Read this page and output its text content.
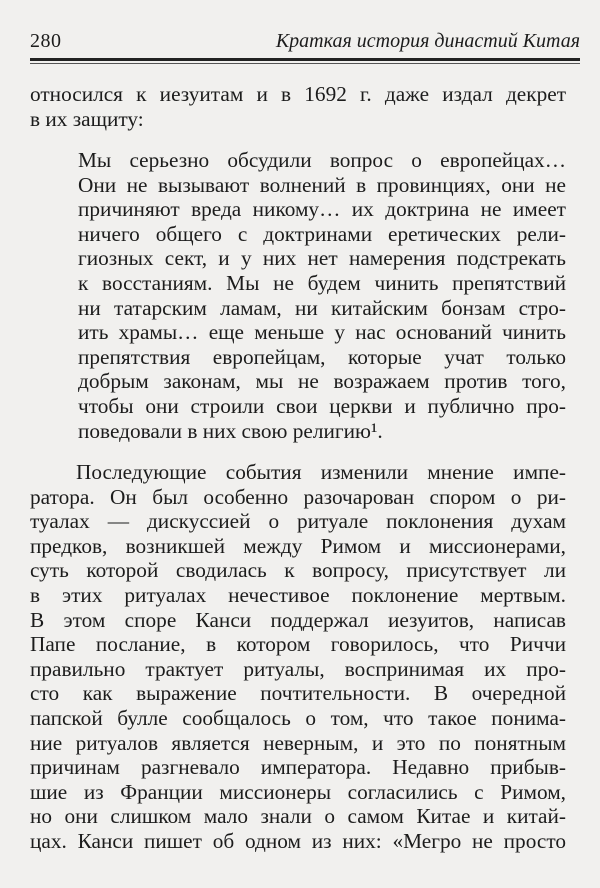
280	Краткая история династий Китая
относился к иезуитам и в 1692 г. даже издал декрет
в их защиту:
Мы серьезно обсудили вопрос о европейцах…
Они не вызывают волнений в провинциях, они не
причиняют вреда никому… их доктрина не имеет
ничего общего с доктринами еретических рели-
гиозных сект, и у них нет намерения подстрекать
к восстаниям. Мы не будем чинить препятствий
ни татарским ламам, ни китайским бонзам стро-
ить храмы… еще меньше у нас оснований чинить
препятствия европейцам, которые учат только
добрым законам, мы не возражаем против того,
чтобы они строили свои церкви и публично про-
поведовали в них свою религию¹.
Последующие события изменили мнение импе-
ратора. Он был особенно разочарован спором о ри-
туалах — дискуссией о ритуале поклонения духам
предков, возникшей между Римом и миссионерами,
суть которой сводилась к вопросу, присутствует ли
в этих ритуалах нечестивое поклонение мертвым.
В этом споре Канси поддержал иезуитов, написав
Папе послание, в котором говорилось, что Риччи
правильно трактует ритуалы, воспринимая их про-
сто как выражение почтительности. В очередной
папской булле сообщалось о том, что такое понима-
ние ритуалов является неверным, и это по понятным
причинам разгневало императора. Недавно прибыв-
шие из Франции миссионеры согласились с Римом,
но они слишком мало знали о самом Китае и китай-
цах. Канси пишет об одном из них: «Мегро не просто
